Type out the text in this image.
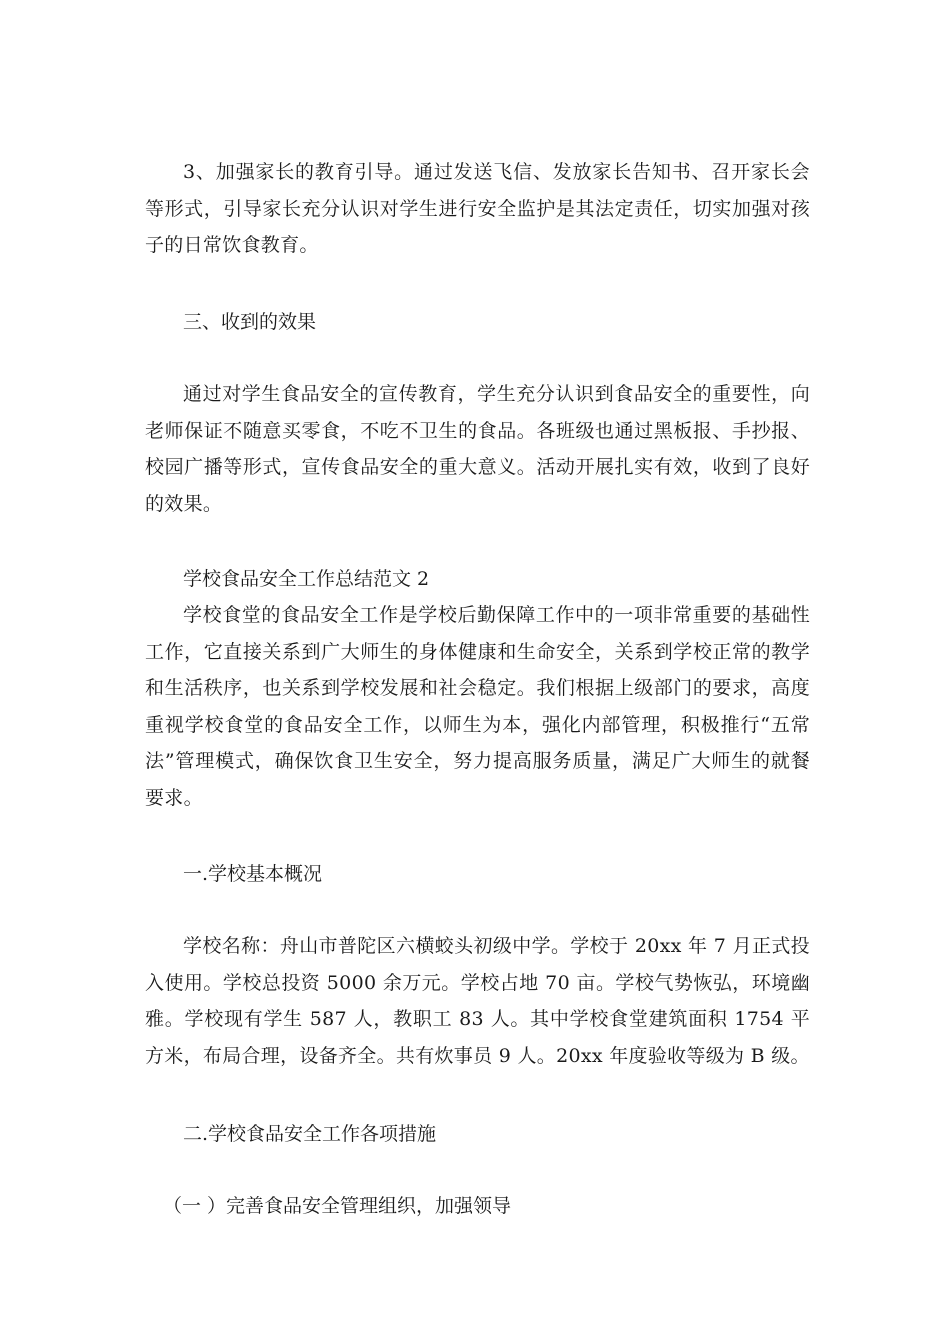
3、加强家长的教育引导。通过发送飞信、发放家长告知书、召开家长会等形式，引导家长充分认识对学生进行安全监护是其法定责任，切实加强对孩子的日常饮食教育。

三、收到的效果

通过对学生食品安全的宣传教育，学生充分认识到食品安全的重要性，向老师保证不随意买零食，不吃不卫生的食品。各班级也通过黑板报、手抄报、校园广播等形式，宣传食品安全的重大意义。活动开展扎实有效，收到了良好的效果。

学校食品安全工作总结范文 2

学校食堂的食品安全工作是学校后勤保障工作中的一项非常重要的基础性工作，它直接关系到广大师生的身体健康和生命安全，关系到学校正常的教学和生活秩序，也关系到学校发展和社会稳定。我们根据上级部门的要求，高度重视学校食堂的食品安全工作，以师生为本，强化内部管理，积极推行“五常法”管理模式，确保饮食卫生安全，努力提高服务质量，满足广大师生的就餐要求。

一.学校基本概况

学校名称：舟山市普陀区六横蛟头初级中学。学校于 20xx 年 7 月正式投入使用。学校总投资 5000 余万元。学校占地 70 亩。学校气势恢弘，环境幽雅。学校现有学生 587 人，教职工 83 人。其中学校食堂建筑面积 1754 平方米，布局合理，设备齐全。共有炊事员 9 人。20xx 年度验收等级为 B 级。

二.学校食品安全工作各项措施

（一 ）完善食品安全管理组织，加强领导
